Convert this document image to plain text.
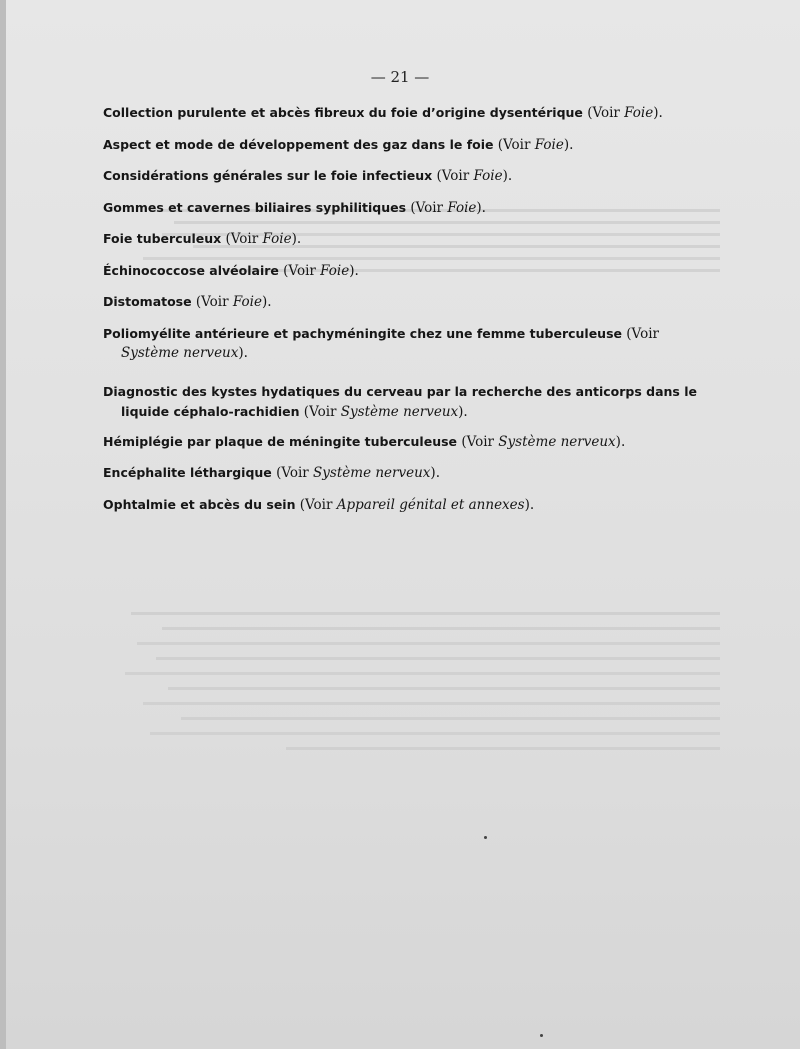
— 21 —
Collection purulente et abcès fibreux du foie d’origine dysentérique (Voir Foie).
Aspect et mode de développement des gaz dans le foie (Voir Foie).
Considérations générales sur le foie infectieux (Voir Foie).
Gommes et cavernes biliaires syphilitiques (Voir Foie).
Foie tuberculeux (Voir Foie).
Échinococcose alvéolaire (Voir Foie).
Distomatose (Voir Foie).
Poliomyélite antérieure et pachyméningite chez une femme tuberculeuse (Voir Système nerveux).
Diagnostic des kystes hydatiques du cerveau par la recherche des anticorps dans le liquide céphalo-rachidien (Voir Système nerveux).
Hémiplégie par plaque de méningite tuberculeuse (Voir Système nerveux).
Encéphalite léthargique (Voir Système nerveux).
Ophtalmie et abcès du sein (Voir Appareil génital et annexes).
